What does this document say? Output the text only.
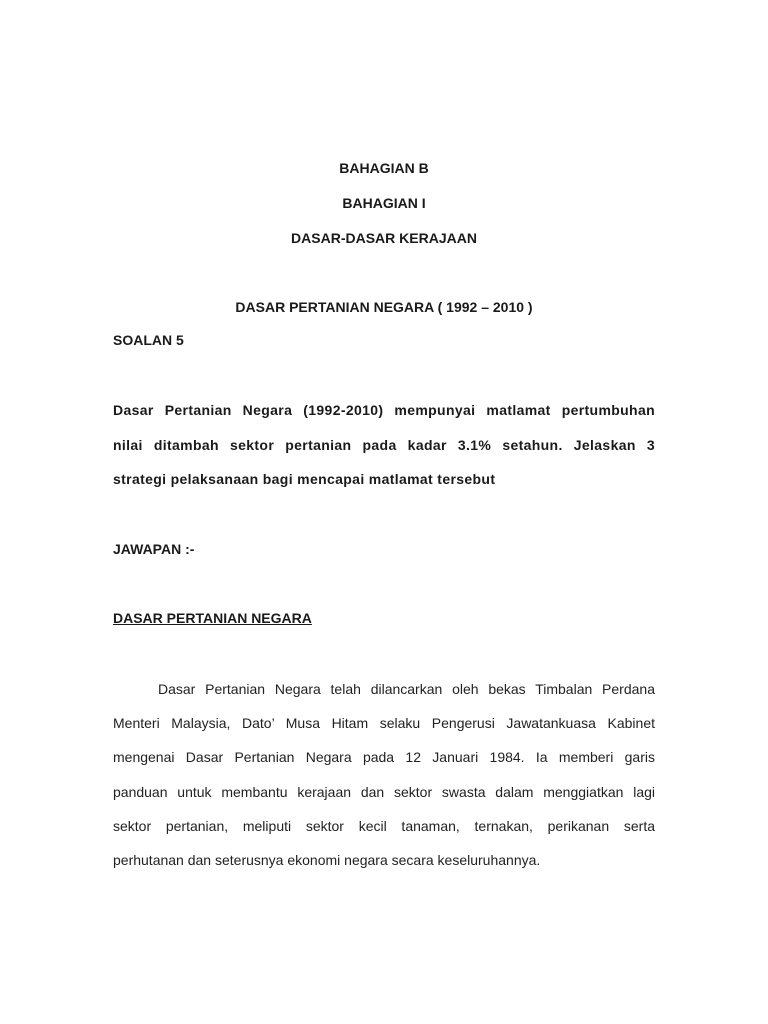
BAHAGIAN B
BAHAGIAN I
DASAR-DASAR KERAJAAN
DASAR PERTANIAN NEGARA ( 1992 – 2010 )
SOALAN 5
Dasar Pertanian Negara (1992-2010) mempunyai matlamat pertumbuhan
nilai ditambah sektor pertanian pada kadar 3.1% setahun. Jelaskan 3
strategi pelaksanaan bagi mencapai matlamat tersebut
JAWAPAN :-
DASAR PERTANIAN NEGARA
Dasar Pertanian Negara telah dilancarkan oleh bekas Timbalan Perdana
Menteri Malaysia, Dato’ Musa Hitam selaku Pengerusi Jawatankuasa Kabinet
mengenai Dasar Pertanian Negara pada 12 Januari 1984. Ia memberi garis
panduan untuk membantu kerajaan dan sektor swasta dalam menggiatkan lagi
sektor pertanian, meliputi sektor kecil tanaman, ternakan, perikanan serta
perhutanan dan seterusnya ekonomi negara secara keseluruhannya.
